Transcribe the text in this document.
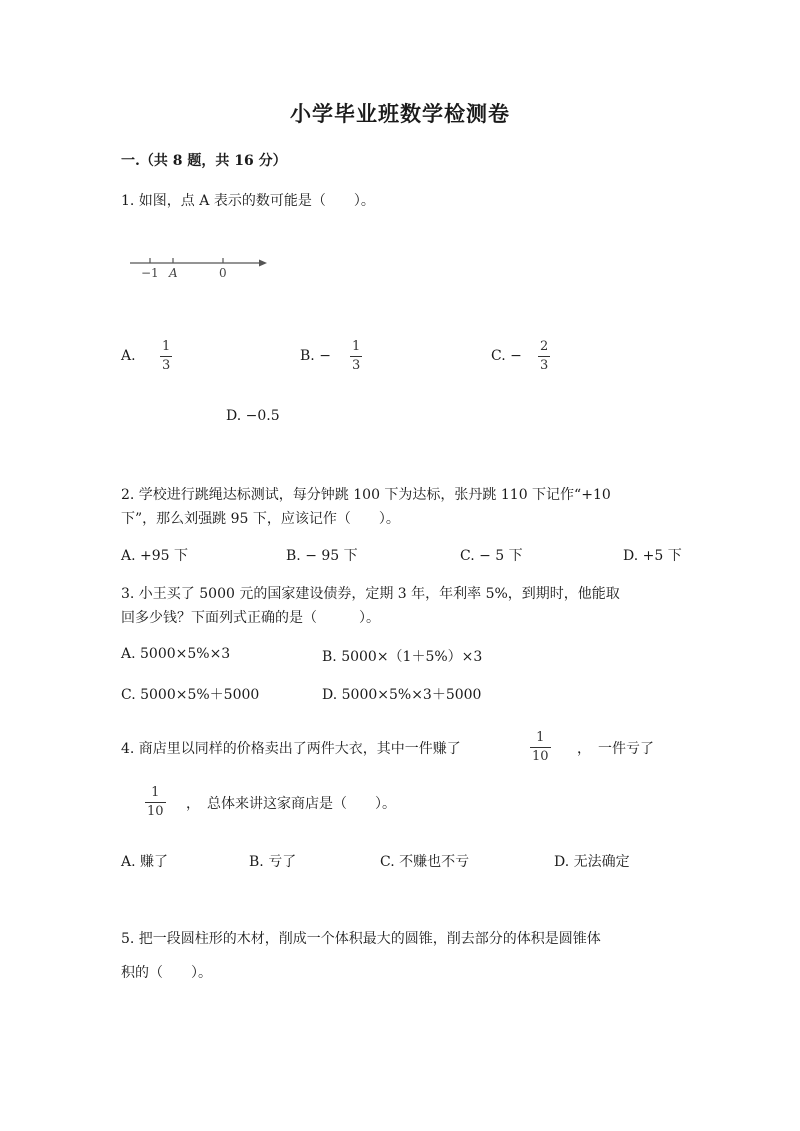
小学毕业班数学检测卷
一.（共 8 题，共 16 分）
1. 如图，点 A 表示的数可能是（　　）。
−1 A	0
A.
1
3
B. −
1
3
C. −
2
3
D. −0.5
2. 学校进行跳绳达标测试，每分钟跳 100 下为达标，张丹跳 110 下记作“+10
下”，那么刘强跳 95 下，应该记作（　　）。
A. +95 下	B. − 95 下	C. − 5 下	D. +5 下
3. 小王买了 5000 元的国家建设债券，定期 3 年，年利率 5%，到期时，他能取
回多少钱？下面列式正确的是（　　　）。
A. 5000×5%×3	B. 5000×（1＋5%）×3
C. 5000×5%＋5000	D. 5000×5%×3＋5000
4. 商店里以同样的价格卖出了两件大衣，其中一件赚了
1
10 ，　一件亏了
1
10 ，　总体来讲这家商店是（　　）。
A. 赚了	B. 亏了	C. 不赚也不亏	D. 无法确定
5. 把一段圆柱形的木材，削成一个体积最大的圆锥，削去部分的体积是圆锥体
积的（　　）。
